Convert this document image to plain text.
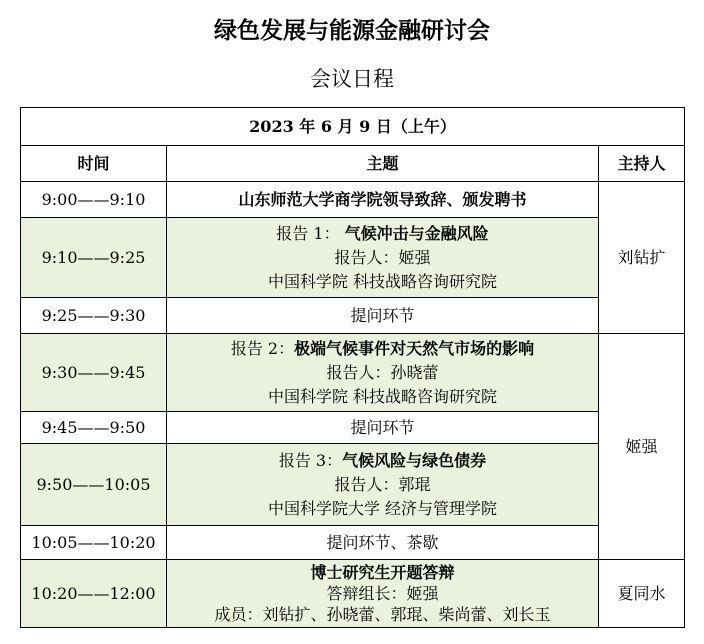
绿色发展与能源金融研讨会
会议日程
2023 年 6 月 9 日（上午）		
时间	主题	主持人
9:00——9:10	山东师范大学商学院领导致辞、颁发聘书	刘钻扩
9:10——9:25	报告 1： 气候冲击与金融风险
报告人：姬强
中国科学院 科技战略咨询研究院	

9:25——9:30	提问环节	
9:30——9:45	报告 2：极端气候事件对天然气市场的影响
报告人：孙晓蕾
中国科学院 科技战略咨询研究院	姬强
9:45——9:50	提问环节	
9:50——10:05	报告 3：气候风险与绿色债券
报告人：郭琨
中国科学院大学 经济与管理学院	

10:05——10:20	提问环节、茶歇	
10:20——12:00	博士研究生开题答辩
答辩组长：姬强
成员：刘钻扩、孙晓蕾、郭琨、柴尚蕾、刘长玉	夏同水
